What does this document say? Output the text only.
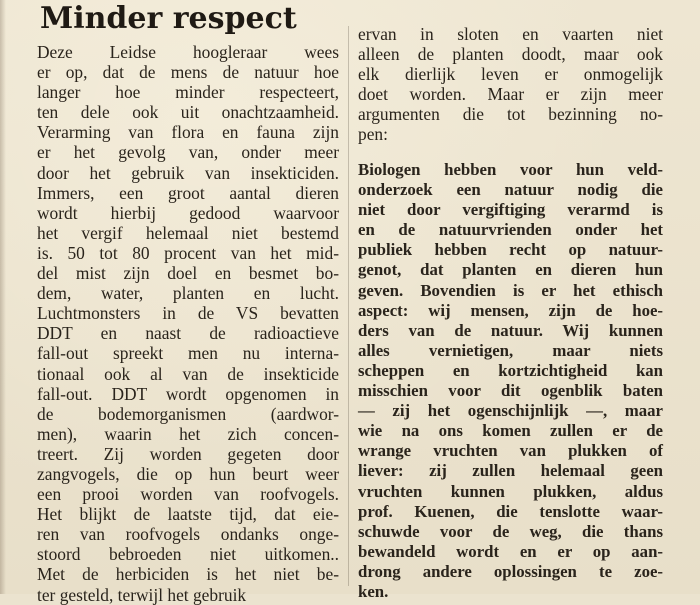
Minder respect
Deze Leidse hoogleraar wees
er op, dat de mens de natuur hoe
langer hoe minder respecteert,
ten dele ook uit onachtzaamheid.
Verarming van flora en fauna zijn
er het gevolg van, onder meer
door het gebruik van insekticiden.
Immers, een groot aantal dieren
wordt hierbij gedood waarvoor
het vergif helemaal niet bestemd
is. 50 tot 80 procent van het mid-
del mist zijn doel en besmet bo-
dem, water, planten en lucht.
Luchtmonsters in de VS bevatten
DDT en naast de radioactieve
fall-out spreekt men nu interna-
tionaal ook al van de insekticide
fall-out. DDT wordt opgenomen in
de bodemorganismen (aardwor-
men), waarin het zich concen-
treert. Zij worden gegeten door
zangvogels, die op hun beurt weer
een prooi worden van roofvogels.
Het blijkt de laatste tijd, dat eie-
ren van roofvogels ondanks onge-
stoord bebroeden niet uitkomen..
Met de herbiciden is het niet be-
ter gesteld, terwijl het gebruik
ervan in sloten en vaarten niet
alleen de planten doodt, maar ook
elk dierlijk leven er onmogelijk
doet worden. Maar er zijn meer
argumenten die tot bezinning no-
pen:
Biologen hebben voor hun veld-
onderzoek een natuur nodig die
niet door vergiftiging verarmd is
en de natuurvrienden onder het
publiek hebben recht op natuur-
genot, dat planten en dieren hun
geven. Bovendien is er het ethisch
aspect: wij mensen, zijn de hoe-
ders van de natuur. Wij kunnen
alles vernietigen, maar niets
scheppen en kortzichtigheid kan
misschien voor dit ogenblik baten
— zij het ogenschijnlijk —, maar
wie na ons komen zullen er de
wrange vruchten van plukken of
liever: zij zullen helemaal geen
vruchten kunnen plukken, aldus
prof. Kuenen, die tenslotte waar-
schuwde voor de weg, die thans
bewandeld wordt en er op aan-
drong andere oplossingen te zoe-
ken.
